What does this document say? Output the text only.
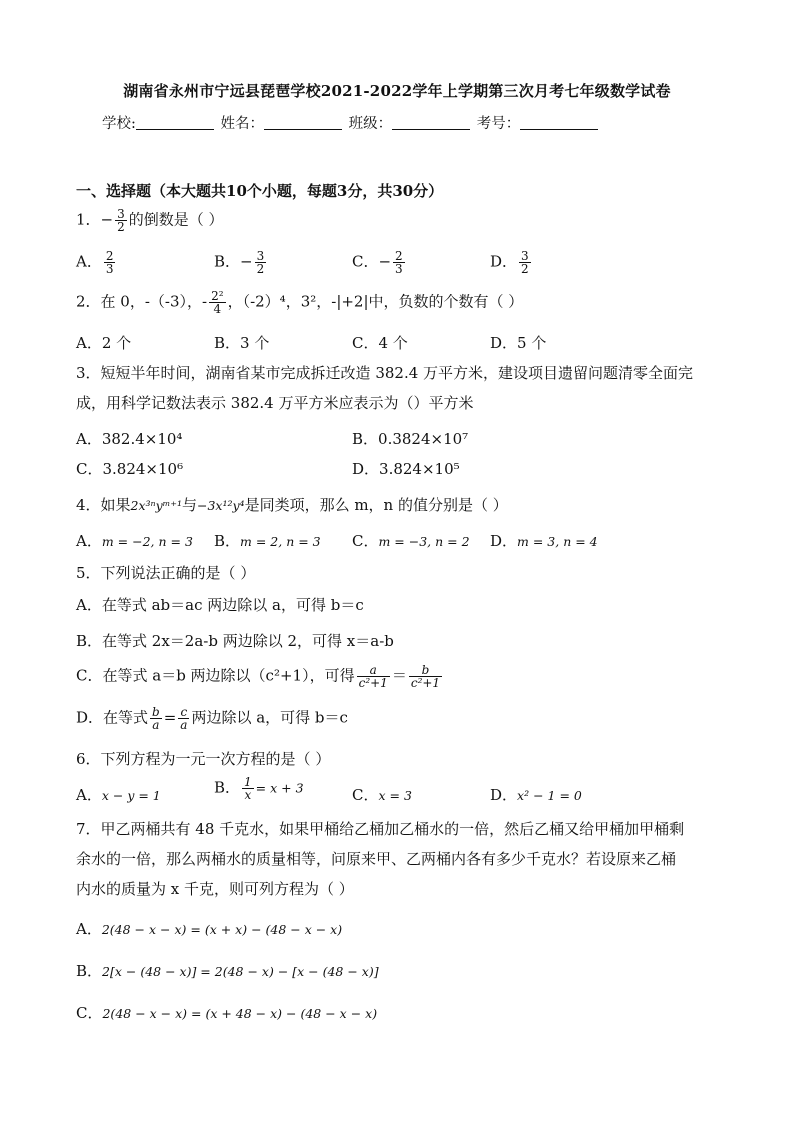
湖南省永州市宁远县琵琶学校2021-2022学年上学期第三次月考七年级数学试卷
学校:	姓名：	班级：	考号：
一、选择题（本大题共10个小题，每题3分，共30分）
1．− $\frac{3}{2}$ 的倒数是（ ）
A． $\frac{2}{3}$	B．− $\frac{3}{2}$	C．− $\frac{2}{3}$	D． $\frac{3}{2}$
2．在 0，-（-3），- $\frac{\text{2²}}{4}$ ，（-2）⁴，3²，-|+2|中，负数的个数有（ ）
A．2 个	B．3 个	C．4 个	D．5 个
3．短短半年时间，湖南省某市完成拆迁改造 382.4 万平方米，建设项目遗留问题清零全面完
成，用科学记数法表示 382.4 万平方米应表示为（）平方米
A．382.4×10⁴	B．0.3824×10⁷
C．3.824×10⁶	D．3.824×10⁵
4．如果2x³ⁿyᵐ⁺¹与−3x¹²y⁴是同类项，那么 m，n 的值分别是（ ）
A．m = −2, n = 3 B．m = 2, n = 3 C．m = −3, n = 2 D．m = 3, n = 4
5．下列说法正确的是（ ）
A．在等式 ab＝ac 两边除以 a，可得 b＝c
B．在等式 2x＝2a-b 两边除以 2，可得 x＝a-b
C．在等式 a＝b 两边除以（c²+1），可得 $\frac{a}{\text{c²+1}} = \frac{b}{\text{c²+1}}$
D．在等式 $\frac{b}{a} = \frac{c}{a}$ 两边除以 a，可得 b＝c
6．下列方程为一元一次方程的是（ ）
A．x − y = 1	B． $\frac{1}{x} = x + 3$	C．x = 3	D．x² − 1 = 0
7．甲乙两桶共有 48 千克水，如果甲桶给乙桶加乙桶水的一倍，然后乙桶又给甲桶加甲桶剩
余水的一倍，那么两桶水的质量相等，问原来甲、乙两桶内各有多少千克水？若设原来乙桶
内水的质量为 x 千克，则可列方程为（ ）
A．2(48 − x − x) = (x + x) − (48 − x − x)
B．2[x − (48 − x)] = 2(48 − x) − [x − (48 − x)]
C．2(48 − x − x) = (x + 48 − x) − (48 − x − x)
